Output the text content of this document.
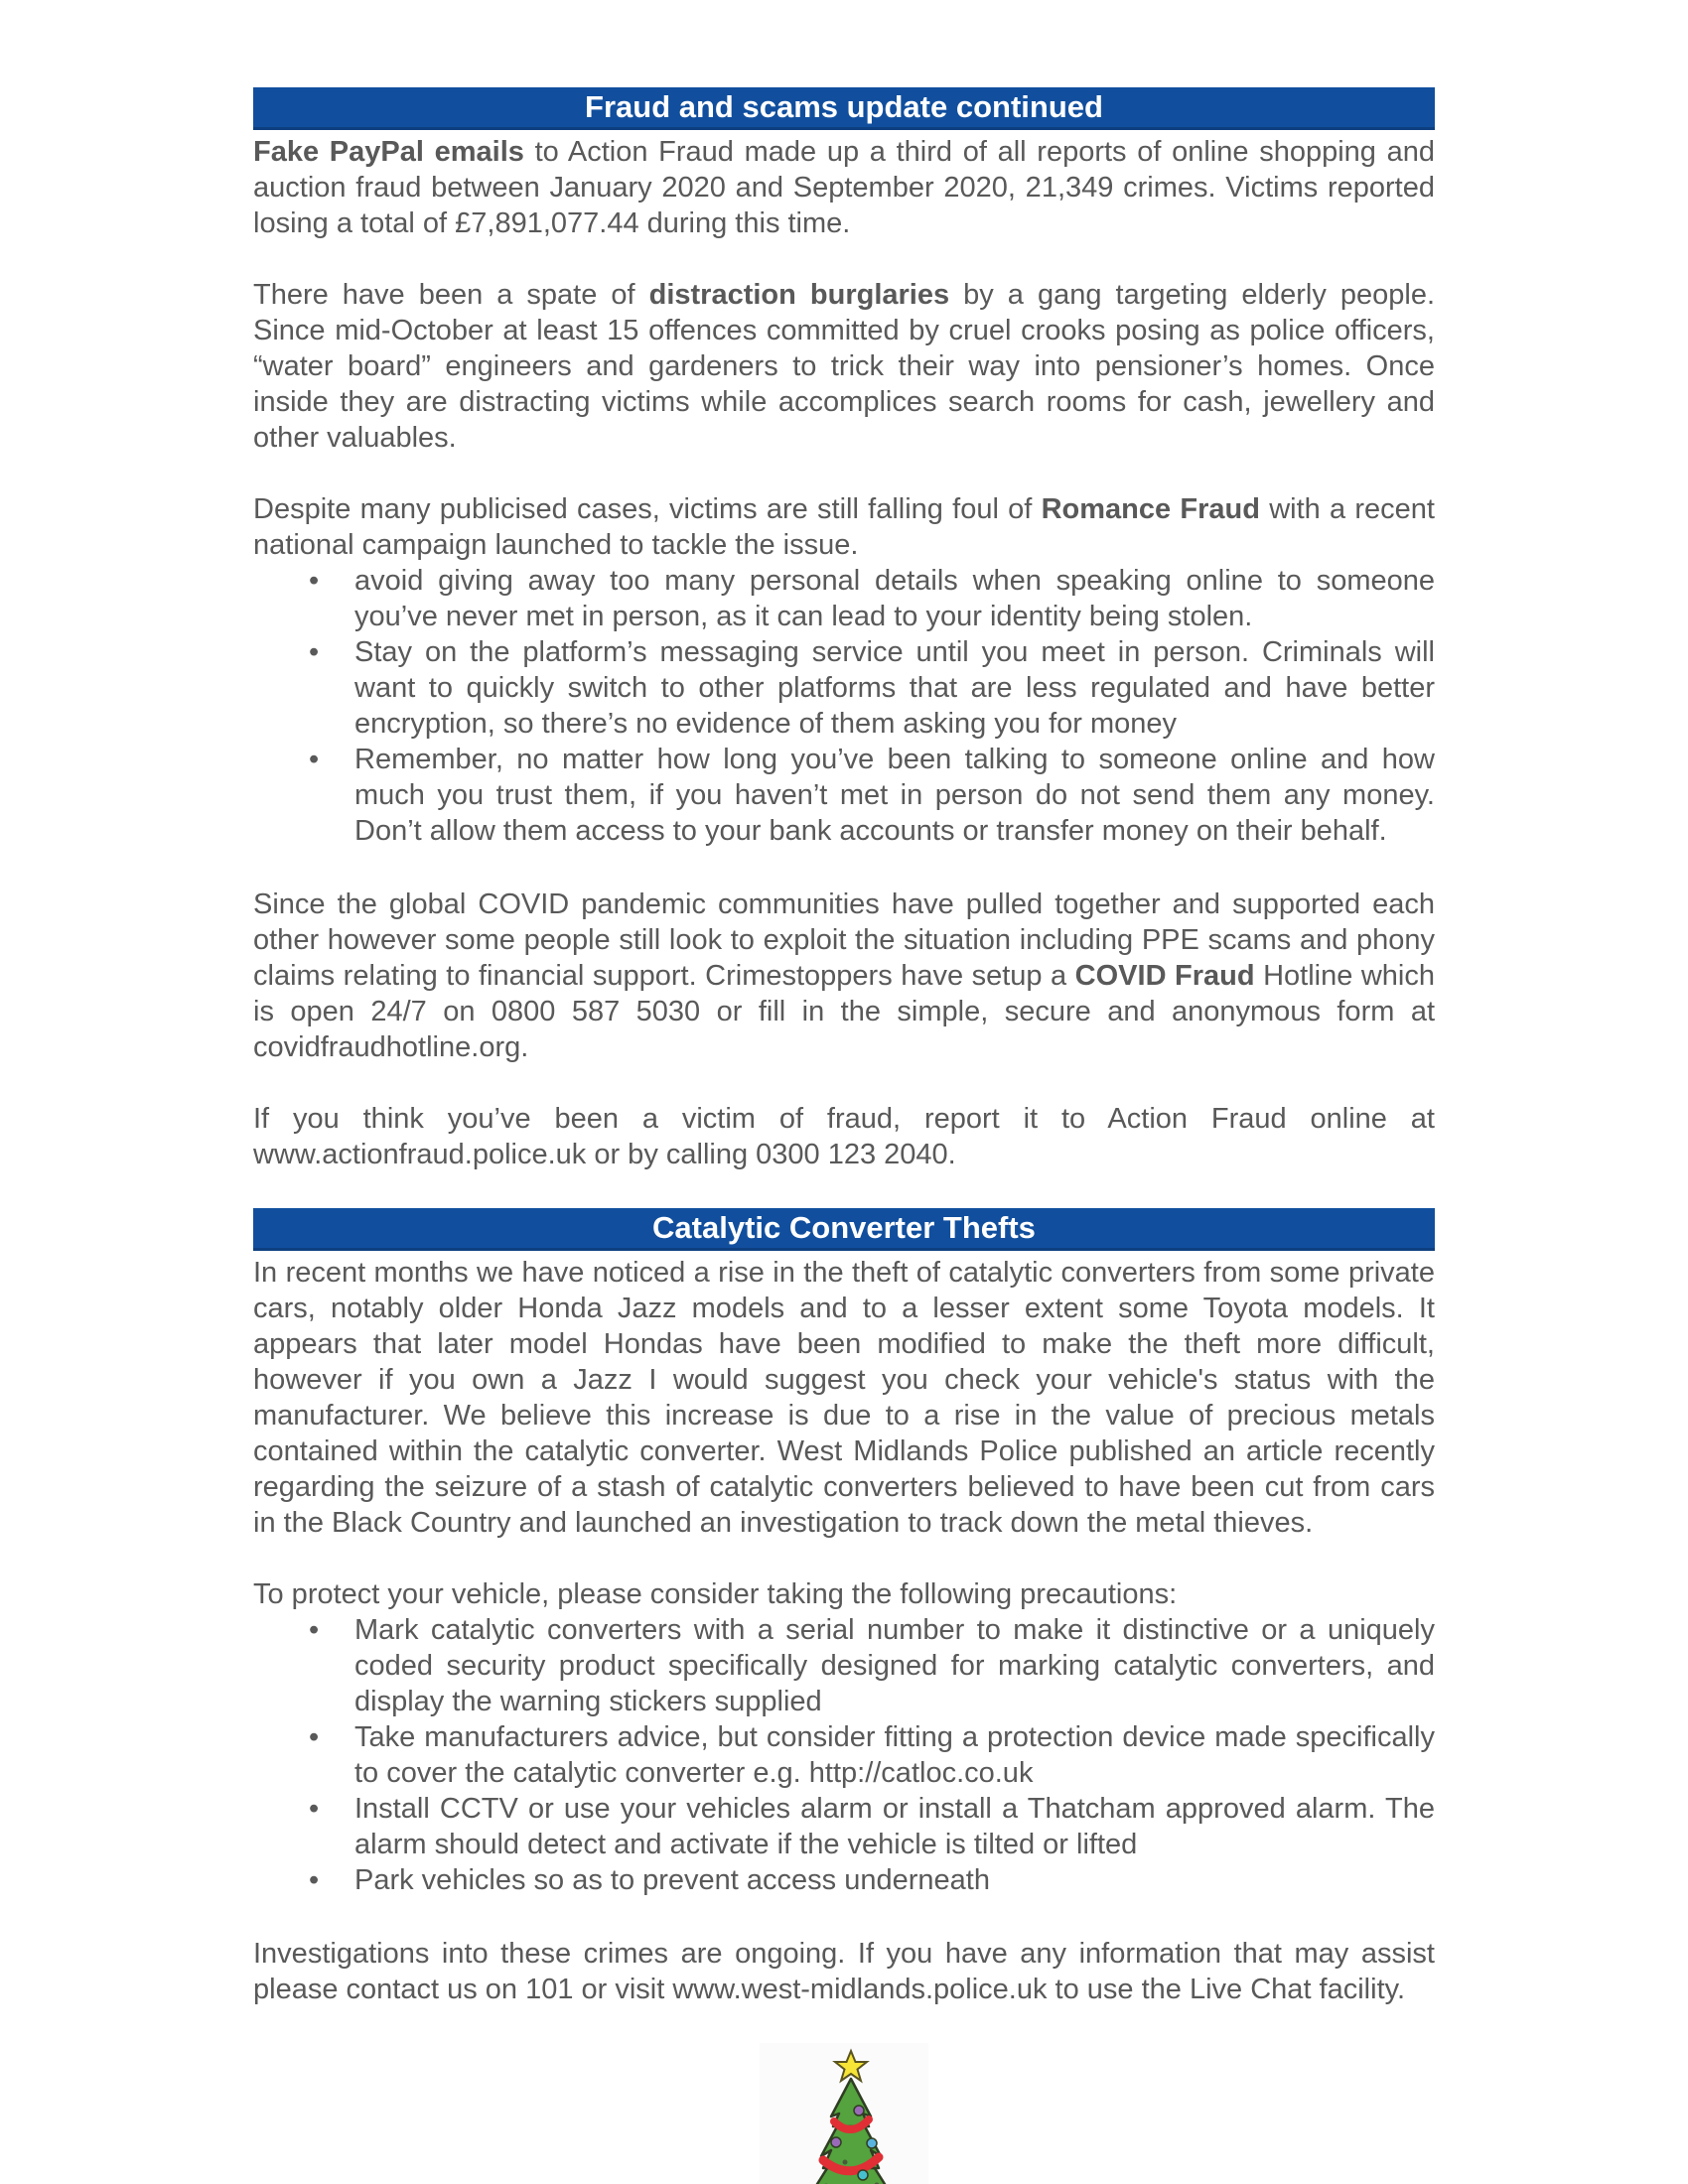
Fraud and scams update continued

Fake PayPal emails to Action Fraud made up a third of all reports of online shopping and auction fraud between January 2020 and September 2020, 21,349 crimes. Victims reported losing a total of £7,891,077.44 during this time.

There have been a spate of distraction burglaries by a gang targeting elderly people. Since mid-October at least 15 offences committed by cruel crooks posing as police officers, “water board” engineers and gardeners to trick their way into pensioner’s homes. Once inside they are distracting victims while accomplices search rooms for cash, jewellery and other valuables.

Despite many publicised cases, victims are still falling foul of Romance Fraud with a recent national campaign launched to tackle the issue.

• avoid giving away too many personal details when speaking online to someone you’ve never met in person, as it can lead to your identity being stolen.
• Stay on the platform’s messaging service until you meet in person. Criminals will want to quickly switch to other platforms that are less regulated and have better encryption, so there’s no evidence of them asking you for money
• Remember, no matter how long you’ve been talking to someone online and how much you trust them, if you haven’t met in person do not send them any money. Don’t allow them access to your bank accounts or transfer money on their behalf.

Since the global COVID pandemic communities have pulled together and supported each other however some people still look to exploit the situation including PPE scams and phony claims relating to financial support. Crimestoppers have setup a COVID Fraud Hotline which is open 24/7 on 0800 587 5030 or fill in the simple, secure and anonymous form at covidfraudhotline.org.

If you think you’ve been a victim of fraud, report it to Action Fraud online at www.actionfraud.police.uk or by calling 0300 123 2040.

Catalytic Converter Thefts

In recent months we have noticed a rise in the theft of catalytic converters from some private cars, notably older Honda Jazz models and to a lesser extent some Toyota models. It appears that later model Hondas have been modified to make the theft more difficult, however if you own a Jazz I would suggest you check your vehicle's status with the manufacturer. We believe this increase is due to a rise in the value of precious metals contained within the catalytic converter. West Midlands Police published an article recently regarding the seizure of a stash of catalytic converters believed to have been cut from cars in the Black Country and launched an investigation to track down the metal thieves.

To protect your vehicle, please consider taking the following precautions:

• Mark catalytic converters with a serial number to make it distinctive or a uniquely coded security product specifically designed for marking catalytic converters, and display the warning stickers supplied
• Take manufacturers advice, but consider fitting a protection device made specifically to cover the catalytic converter e.g. http://catloc.co.uk
• Install CCTV or use your vehicles alarm or install a Thatcham approved alarm. The alarm should detect and activate if the vehicle is tilted or lifted
• Park vehicles so as to prevent access underneath

Investigations into these crimes are ongoing. If you have any information that may assist please contact us on 101 or visit www.west-midlands.police.uk to use the Live Chat facility.
